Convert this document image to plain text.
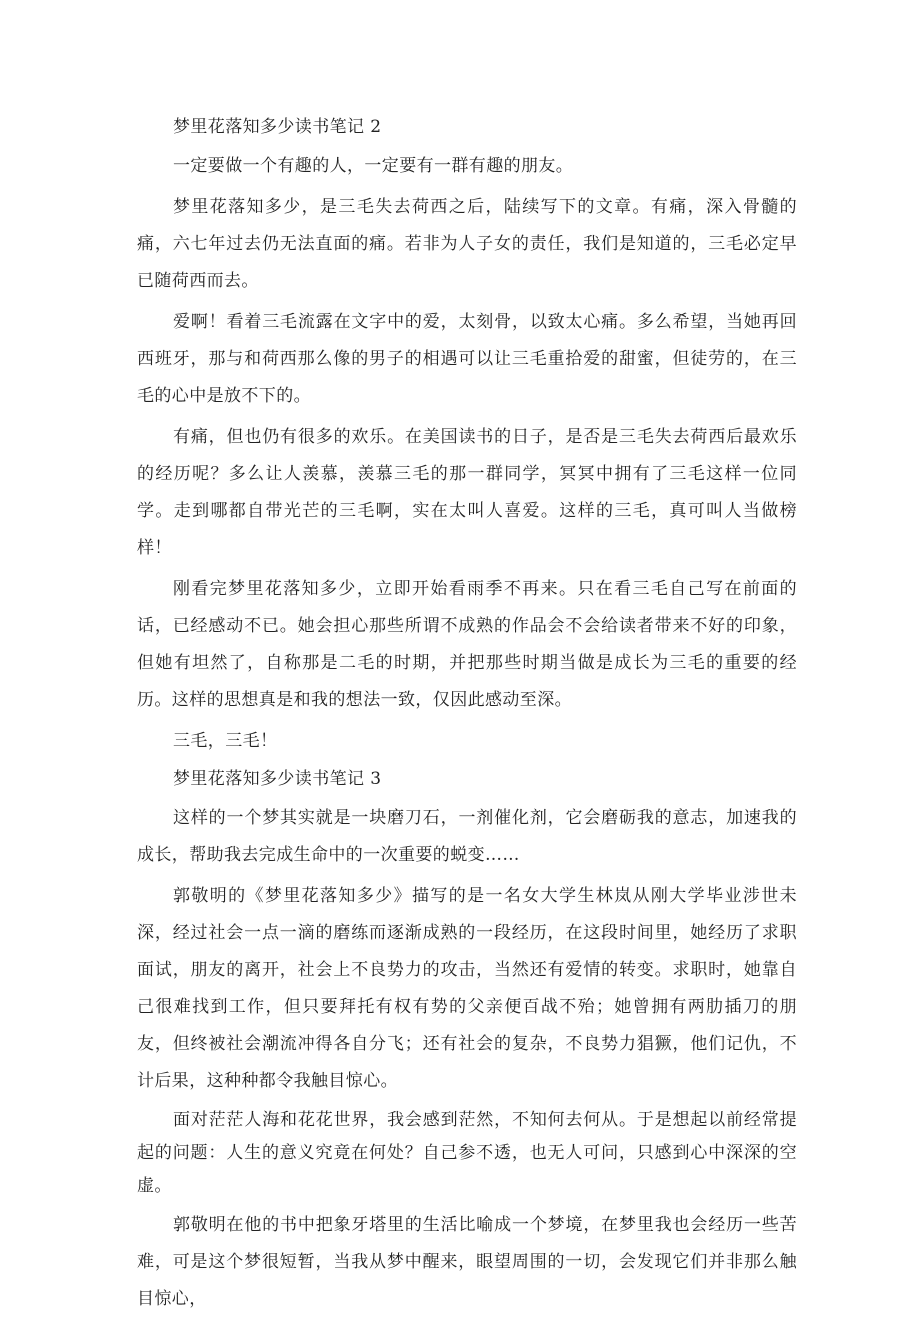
梦里花落知多少读书笔记 2

一定要做一个有趣的人，一定要有一群有趣的朋友。

梦里花落知多少，是三毛失去荷西之后，陆续写下的文章。有痛，深入骨髓的痛，六七年过去仍无法直面的痛。若非为人子女的责任，我们是知道的，三毛必定早已随荷西而去。

爱啊！看着三毛流露在文字中的爱，太刻骨，以致太心痛。多么希望，当她再回西班牙，那与和荷西那么像的男子的相遇可以让三毛重拾爱的甜蜜，但徒劳的，在三毛的心中是放不下的。

有痛，但也仍有很多的欢乐。在美国读书的日子，是否是三毛失去荷西后最欢乐的经历呢？多么让人羡慕，羡慕三毛的那一群同学，冥冥中拥有了三毛这样一位同学。走到哪都自带光芒的三毛啊，实在太叫人喜爱。这样的三毛，真可叫人当做榜样！

刚看完梦里花落知多少，立即开始看雨季不再来。只在看三毛自己写在前面的话，已经感动不已。她会担心那些所谓不成熟的作品会不会给读者带来不好的印象，但她有坦然了，自称那是二毛的时期，并把那些时期当做是成长为三毛的重要的经历。这样的思想真是和我的想法一致，仅因此感动至深。

三毛，三毛！

梦里花落知多少读书笔记 3

这样的一个梦其实就是一块磨刀石，一剂催化剂，它会磨砺我的意志，加速我的成长，帮助我去完成生命中的一次重要的蜕变……

郭敬明的《梦里花落知多少》描写的是一名女大学生林岚从刚大学毕业涉世未深，经过社会一点一滴的磨练而逐渐成熟的一段经历，在这段时间里，她经历了求职面试，朋友的离开，社会上不良势力的攻击，当然还有爱情的转变。求职时，她靠自己很难找到工作，但只要拜托有权有势的父亲便百战不殆；她曾拥有两肋插刀的朋友，但终被社会潮流冲得各自分飞；还有社会的复杂，不良势力猖獗，他们记仇，不计后果，这种种都令我触目惊心。

面对茫茫人海和花花世界，我会感到茫然，不知何去何从。于是想起以前经常提起的问题：人生的意义究竟在何处？自己参不透，也无人可问，只感到心中深深的空虚。

郭敬明在他的书中把象牙塔里的生活比喻成一个梦境，在梦里我也会经历一些苦难，可是这个梦很短暂，当我从梦中醒来，眼望周围的一切，会发现它们并非那么触目惊心，
